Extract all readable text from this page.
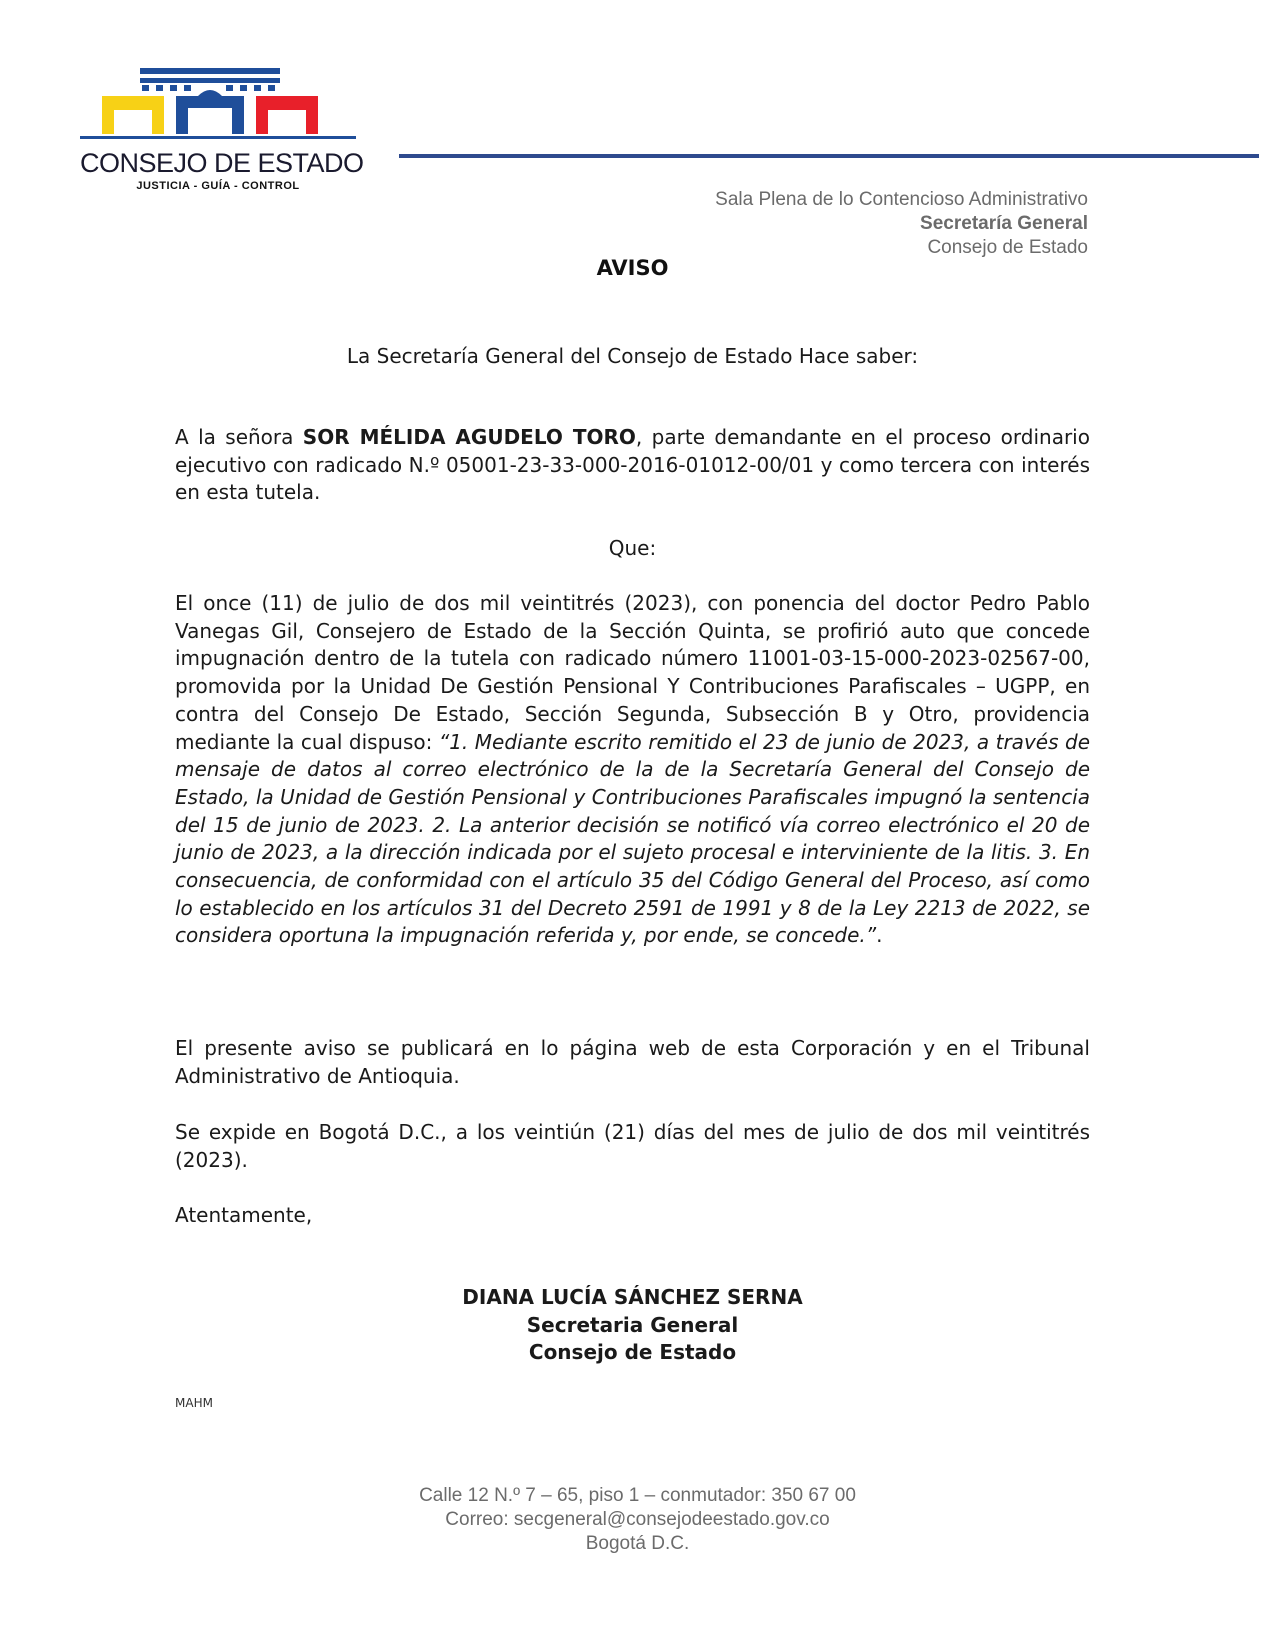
CONSEJO DE ESTADO
JUSTICIA - GUÍA - CONTROL
Sala Plena de lo Contencioso Administrativo
Secretaría General
Consejo de Estado
AVISO
La Secretaría General del Consejo de Estado Hace saber:

A la señora SOR MÉLIDA AGUDELO TORO, parte demandante en el proceso ordinario ejecutivo con radicado N.º 05001-23-33-000-2016-01012-00/01 y como tercera con interés en esta tutela.

Que:

El once (11) de julio de dos mil veintitrés (2023), con ponencia del doctor Pedro Pablo Vanegas Gil, Consejero de Estado de la Sección Quinta, se profirió auto que concede impugnación dentro de la tutela con radicado número 11001-03-15-000-2023-02567-00, promovida por la Unidad De Gestión Pensional Y Contribuciones Parafiscales – UGPP, en contra del Consejo De Estado, Sección Segunda, Subsección B y Otro, providencia mediante la cual dispuso: “1. Mediante escrito remitido el 23 de junio de 2023, a través de mensaje de datos al correo electrónico de la de la Secretaría General del Consejo de Estado, la Unidad de Gestión Pensional y Contribuciones Parafiscales impugnó la sentencia del 15 de junio de 2023. 2. La anterior decisión se notificó vía correo electrónico el 20 de junio de 2023, a la dirección indicada por el sujeto procesal e interviniente de la litis. 3. En consecuencia, de conformidad con el artículo 35 del Código General del Proceso, así como lo establecido en los artículos 31 del Decreto 2591 de 1991 y 8 de la Ley 2213 de 2022, se considera oportuna la impugnación referida y, por ende, se concede.”.

El presente aviso se publicará en lo página web de esta Corporación y en el Tribunal Administrativo de Antioquia.

Se expide en Bogotá D.C., a los veintiún (21) días del mes de julio de dos mil veintitrés (2023).

Atentamente,

DIANA LUCÍA SÁNCHEZ SERNA
Secretaria General
Consejo de Estado
MAHM
Calle 12 N.º 7 – 65, piso 1 – conmutador: 350 67 00
Correo: secgeneral@consejodeestado.gov.co
Bogotá D.C.
